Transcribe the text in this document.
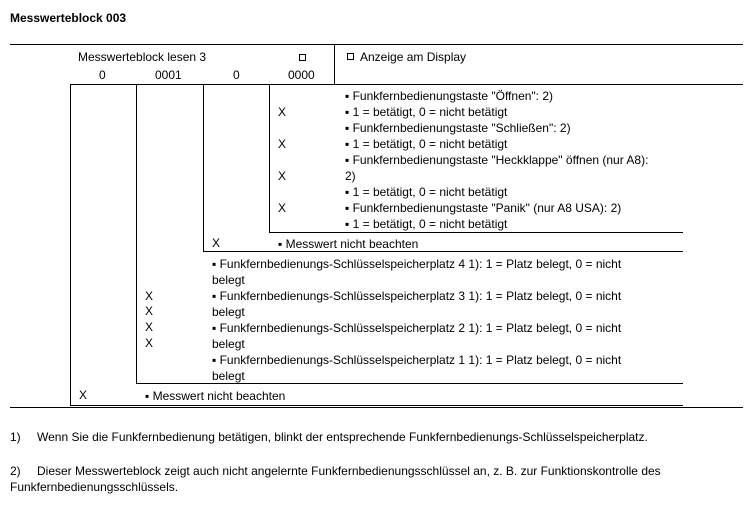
Messwerteblock 003
Messwerteblock lesen 3	Anzeige am Display
0	0001	0	0000
▪ Funkfernbedienungstaste "Öffnen": 2)
X	▪ 1 = betätigt, 0 = nicht betätigt
▪ Funkfernbedienungstaste "Schließen": 2)
X	▪ 1 = betätigt, 0 = nicht betätigt
▪ Funkfernbedienungstaste "Heckklappe" öffnen (nur A8):
X	2)
▪ 1 = betätigt, 0 = nicht betätigt
X	▪ Funkfernbedienungstaste "Panik" (nur A8 USA): 2)
▪ 1 = betätigt, 0 = nicht betätigt
X	▪ Messwert nicht beachten
▪ Funkfernbedienungs-Schlüsselspeicherplatz 4 1): 1 = Platz belegt, 0 = nicht
belegt
X	▪ Funkfernbedienungs-Schlüsselspeicherplatz 3 1): 1 = Platz belegt, 0 = nicht
X	belegt
X	▪ Funkfernbedienungs-Schlüsselspeicherplatz 2 1): 1 = Platz belegt, 0 = nicht
X	belegt
▪ Funkfernbedienungs-Schlüsselspeicherplatz 1 1): 1 = Platz belegt, 0 = nicht
belegt
X	▪ Messwert nicht beachten
1) Wenn Sie die Funkfernbedienung betätigen, blinkt der entsprechende Funkfernbedienungs-Schlüsselspeicherplatz.
2)	Dieser Messwerteblock zeigt auch nicht angelernte Funkfernbedienungsschlüssel an, z. B. zur Funktionskontrolle des Funkfernbedienungsschlüssels.
